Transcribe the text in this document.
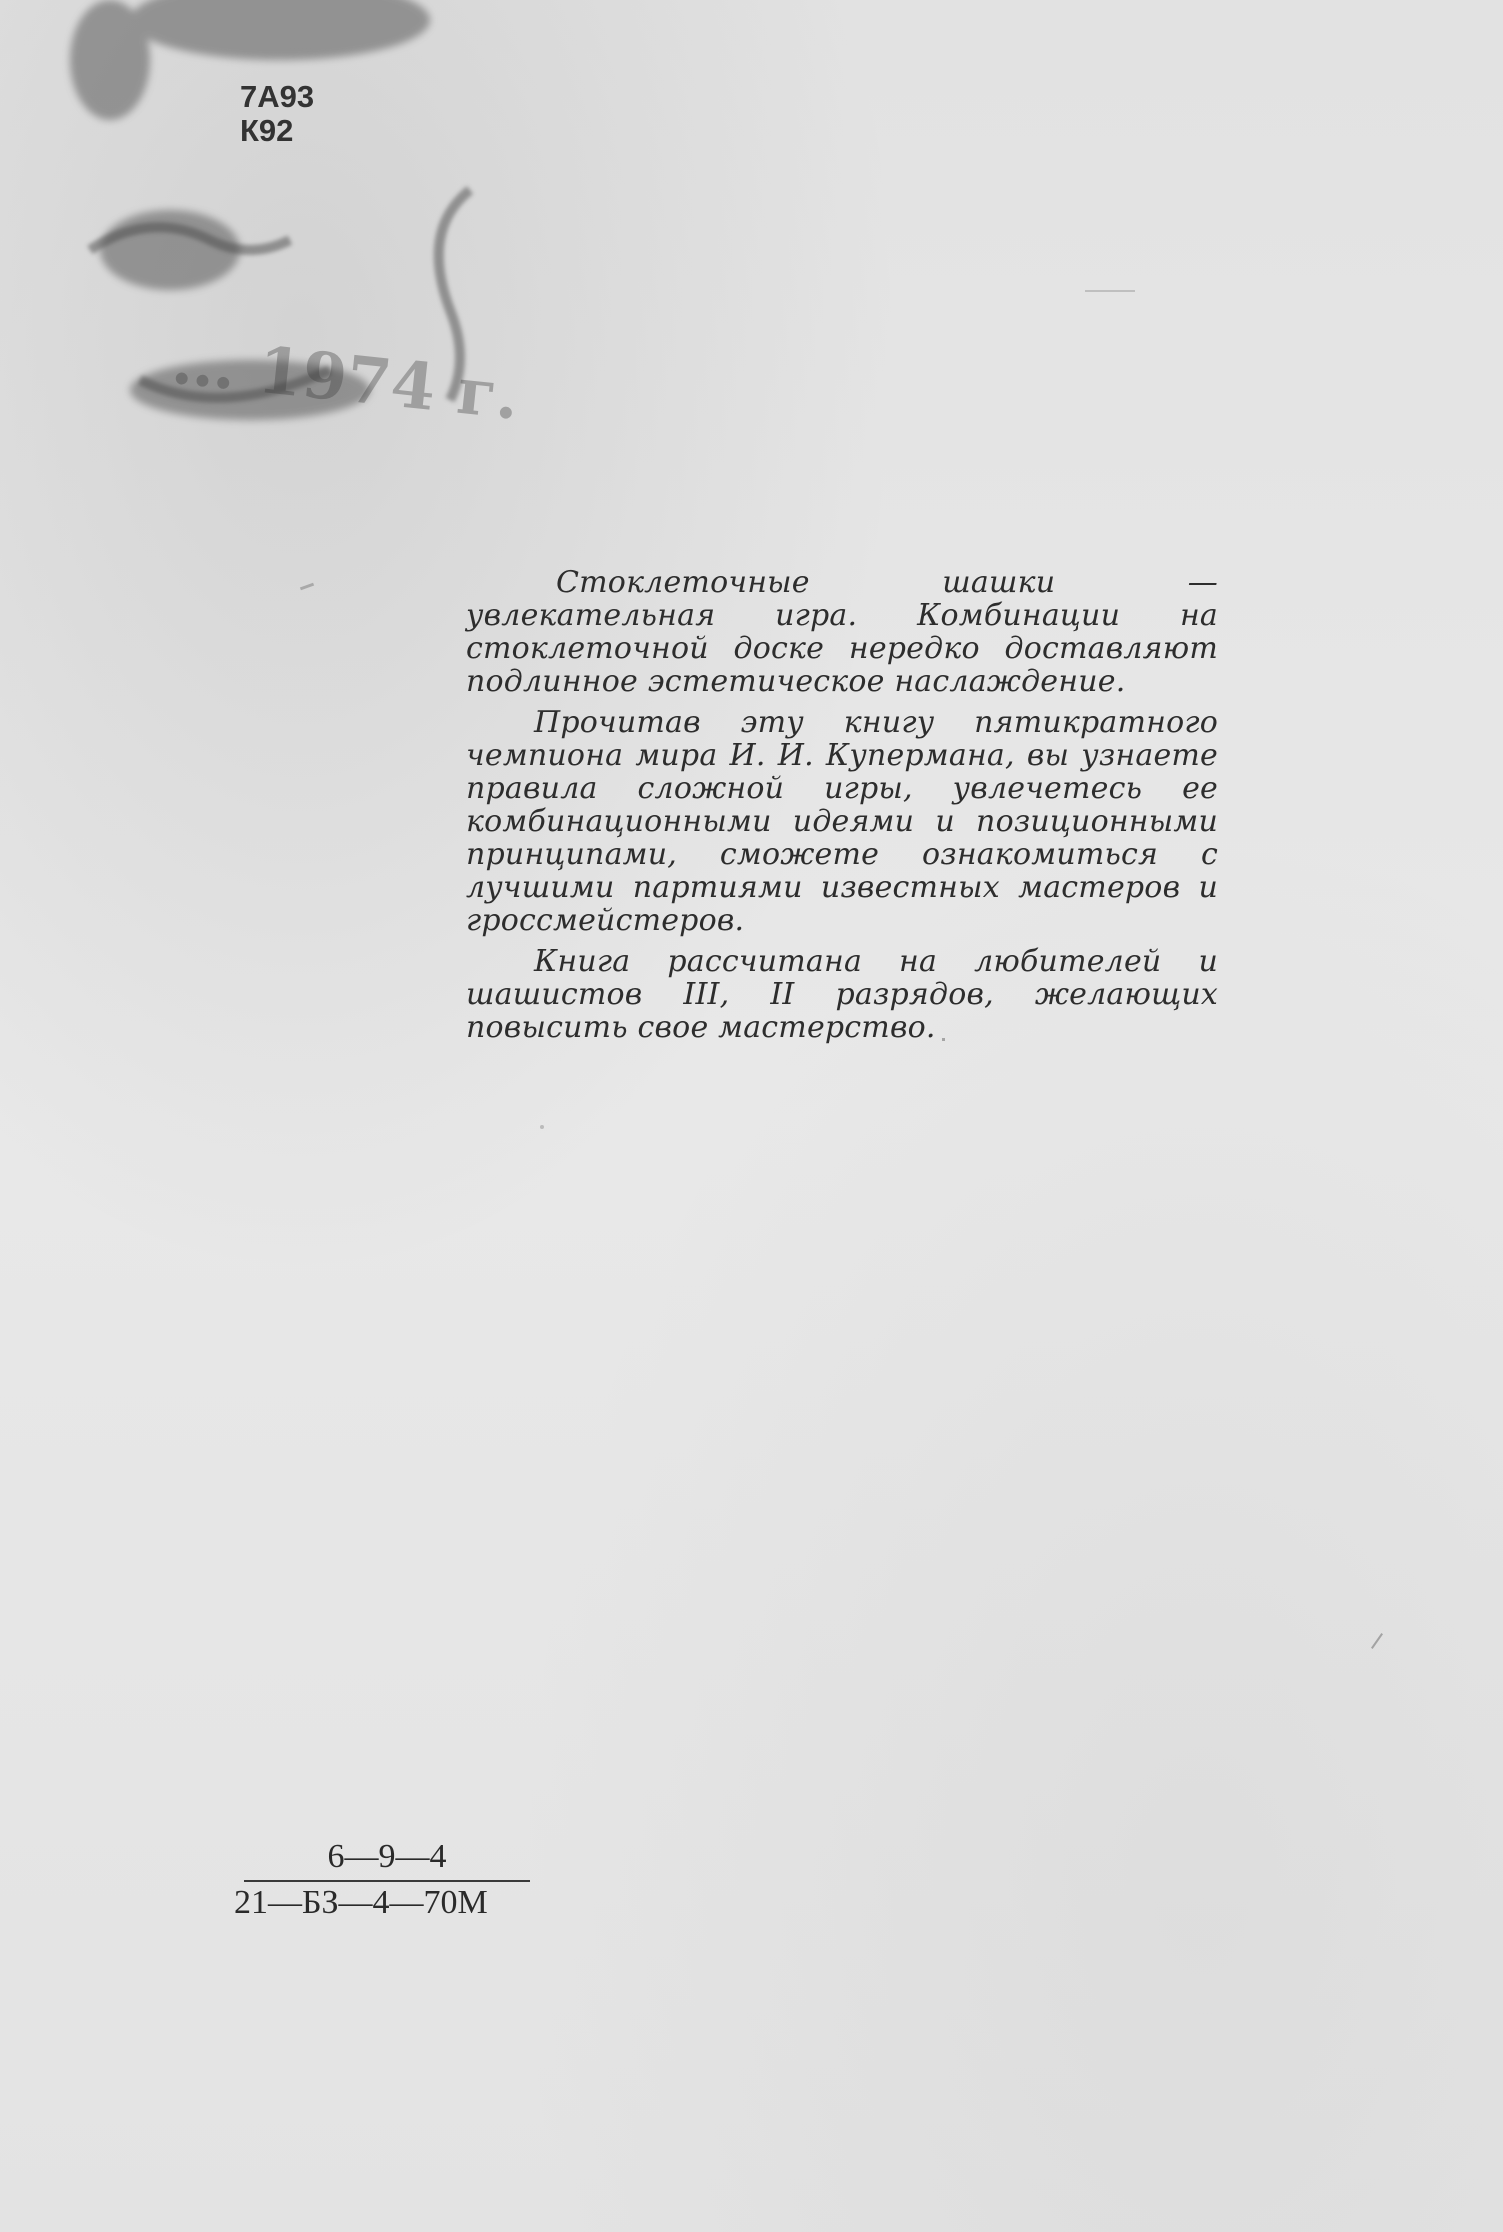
… 1974 г.
7А93
К92

Стоклеточные шашки — увлекательная игра. Комбинации на стоклеточной доске нередко доставляют подлинное эстетическое наслаждение.

Прочитав эту книгу пятикратного чемпиона мира И. И. Купермана, вы узнаете правила сложной игры, увлечетесь ее комбинационными идеями и позиционными принципами, сможете ознакомиться с лучшими партиями известных мастеров и гроссмейстеров.

Книга рассчитана на любителей и шашистов III, II разрядов, желающих повысить свое мастерство.

6—9—4
21—БЗ—4—70М
